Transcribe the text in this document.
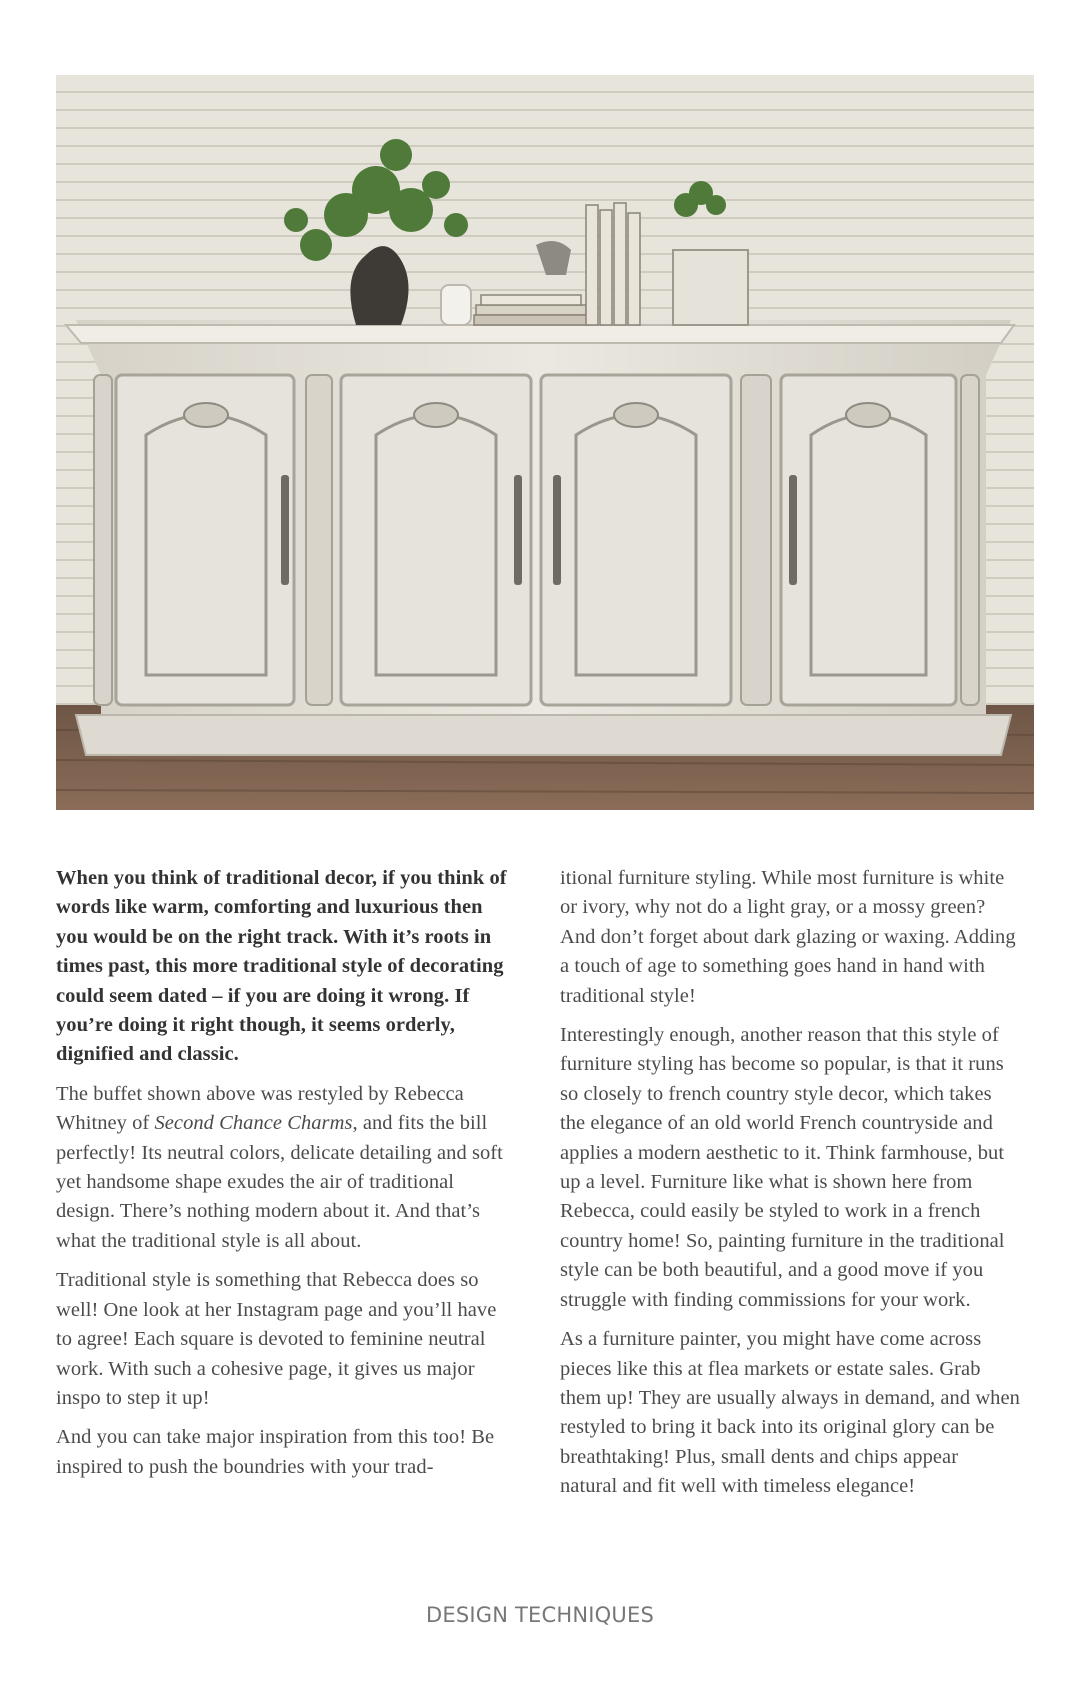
When you think of traditional decor, if you think of words like warm, comforting and luxurious then you would be on the right track. With it’s roots in times past, this more traditional style of decorating could seem dated – if you are doing it wrong. If you’re doing it right though, it seems orderly, dignified and classic.

The buffet shown above was restyled by Rebecca Whitney of Second Chance Charms, and fits the bill perfectly! Its neutral colors, delicate detailing and soft yet handsome shape exudes the air of traditional design. There’s nothing modern about it. And that’s what the traditional style is all about.

Traditional style is something that Rebecca does so well! One look at her Instagram page and you’ll have to agree! Each square is devoted to feminine neutral work. With such a cohesive page, it gives us major inspo to step it up!

And you can take major inspiration from this too! Be inspired to push the boundries with your trad-

itional furniture styling. While most furniture is white or ivory, why not do a light gray, or a mossy green? And don’t forget about dark glazing or waxing. Adding a touch of age to something goes hand in hand with traditional style!

Interestingly enough, another reason that this style of furniture styling has become so popular, is that it runs so closely to french country style decor, which takes the elegance of an old world French countryside and applies a modern aesthetic to it. Think farmhouse, but up a level. Furniture like what is shown here from Rebecca, could easily be styled to work in a french country home! So, painting furniture in the traditional style can be both beautiful, and a good move if you struggle with finding commissions for your work.

As a furniture painter, you might have come across pieces like this at flea markets or estate sales. Grab them up! They are usually always in demand, and when restyled to bring it back into its original glory can be breathtaking! Plus, small dents and chips appear natural and fit well with timeless elegance!

DESIGN TECHNIQUES
